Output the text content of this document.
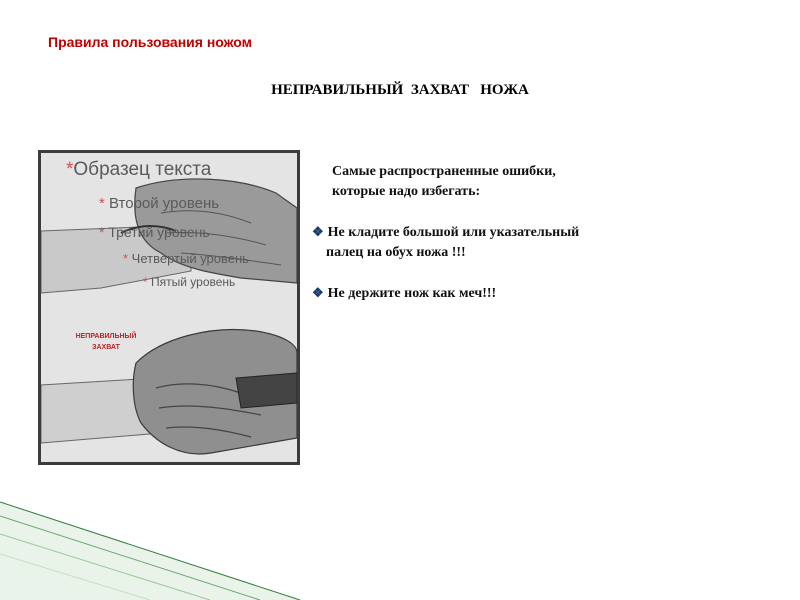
Правила пользования ножом
НЕПРАВИЛЬНЫЙ  ЗАХВАТ   НОЖА
*Образец текста
* Второй уровень
* Третий уровень
* Четвертый уровень
* Пятый уровень
НЕПРАВИЛЬНЫЙ
ЗАХВАТ

Самые распространенные ошибки,
которые надо избегать:

❖ Не кладите большой или указательный
палец на обух ножа !!!

❖ Не держите нож как меч!!!
